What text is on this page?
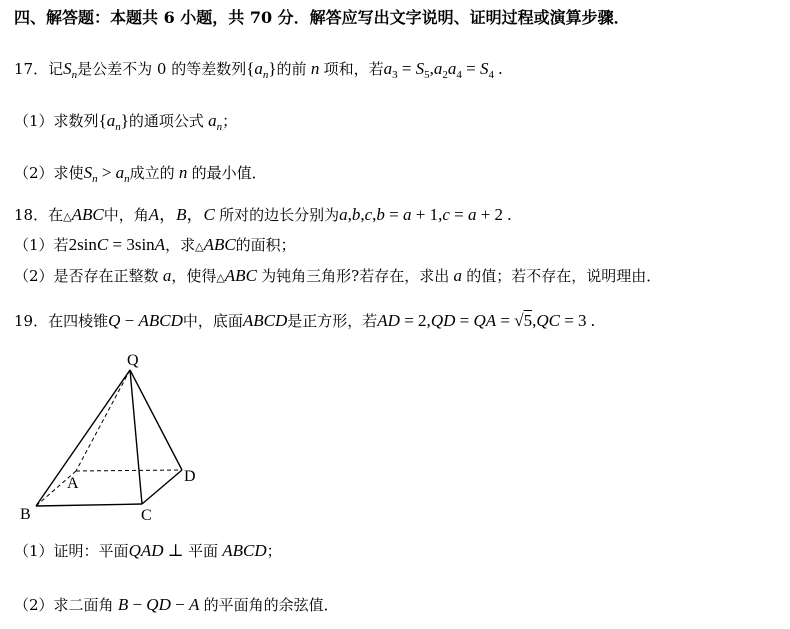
四、解答题：本题共 6 小题，共 70 分．解答应写出文字说明、证明过程或演算步骤．
17．记$S_n$是公差不为 0 的等差数列$\{a_n\}$的前 n 项和，若$a_3 = S_5,a_2a_4 = S_4$ .
（1）求数列$\{a_n\}$的通项公式 $a_n$；
（2）求使$S_n > a_n$成立的 n 的最小值．
18．在△ABC中，角A，B，C 所对的边长分别为a,b,c,b = a + 1,c = a + 2 .
（1）若2sinC = 3sinA，求△ABC的面积；
（2）是否存在正整数 a，使得△ABC 为钝角三角形?若存在，求出 a 的值；若不存在，说明理由．
19．在四棱锥Q − ABCD中，底面ABCD是正方形，若AD = 2,QD = QA = √5,QC = 3 .
Q
A
B	C
D
（1）证明：平面QAD ⊥ 平面 ABCD；
（2）求二面角 B − QD − A 的平面角的余弦值．
